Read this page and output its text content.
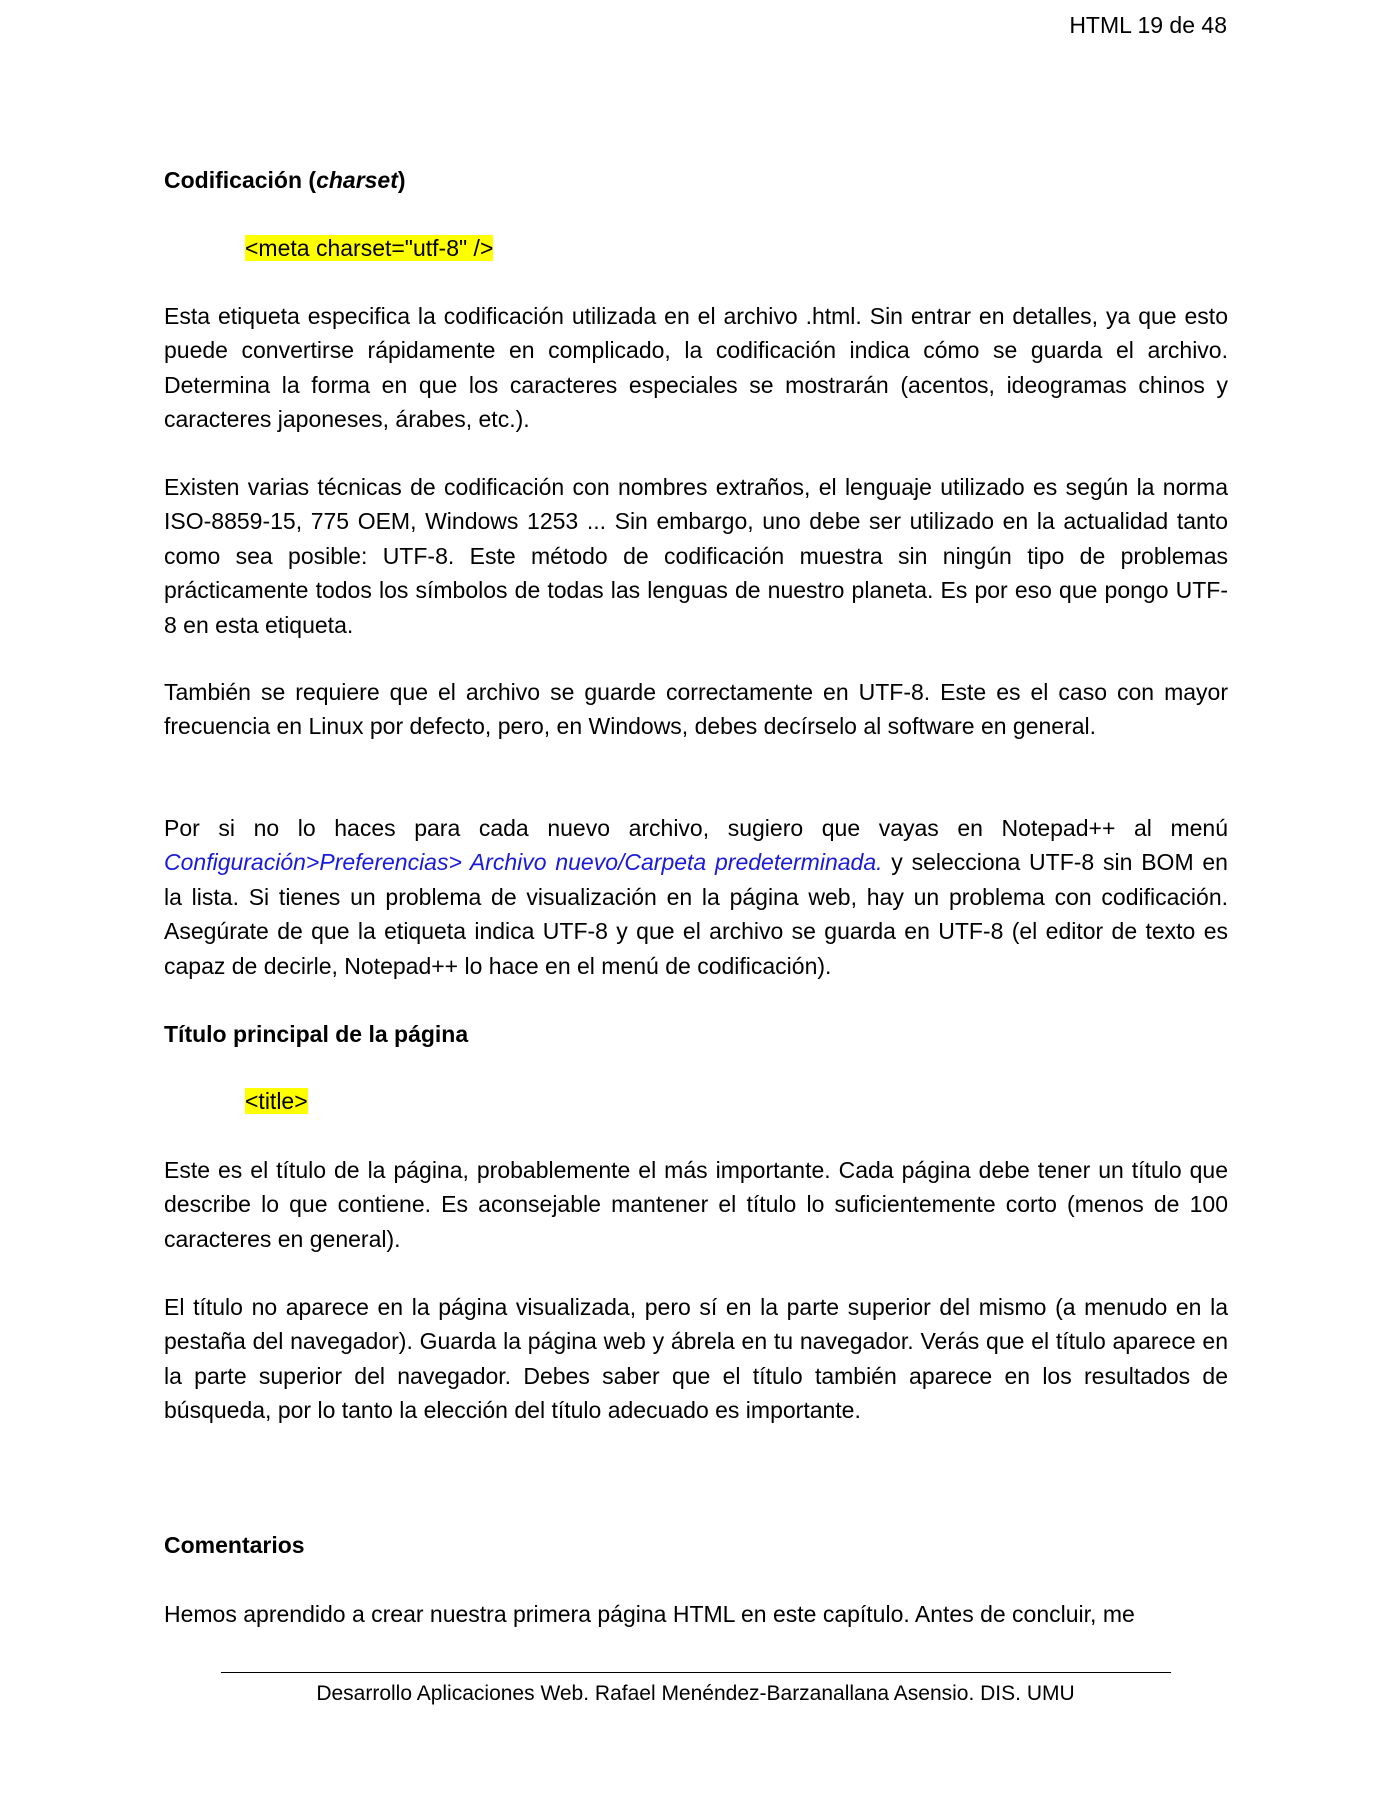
HTML 19 de 48

Codificación (charset)

<meta charset="utf-8" />

Esta etiqueta especifica la codificación utilizada en el archivo .html. Sin entrar en detalles, ya que esto puede convertirse rápidamente en complicado, la codificación indica cómo se guarda el archivo. Determina la forma en que los caracteres especiales se mostrarán (acentos, ideogramas chinos y caracteres japoneses, árabes, etc.).

Existen varias técnicas de codificación con nombres extraños, el lenguaje utilizado es según la norma ISO-8859-15, 775 OEM, Windows 1253 ... Sin embargo, uno debe ser utilizado en la actualidad tanto como sea posible: UTF-8. Este método de codificación muestra sin ningún tipo de problemas prácticamente todos los símbolos de todas las lenguas de nuestro planeta. Es por eso que pongo UTF-8 en esta etiqueta.

También se requiere que el archivo se guarde correctamente en UTF-8. Este es el caso con mayor frecuencia en Linux por defecto, pero, en Windows, debes decírselo al software en general.

Por si no lo haces para cada nuevo archivo, sugiero que vayas en Notepad++ al menú Configuración>Preferencias> Archivo nuevo/Carpeta predeterminada. y selecciona UTF-8 sin BOM en la lista. Si tienes un problema de visualización en la página web, hay un problema con codificación. Asegúrate de que la etiqueta indica UTF-8 y que el archivo se guarda en UTF-8 (el editor de texto es capaz de decirle, Notepad++ lo hace en el menú de codificación).

Título principal de la página

<title>

Este es el título de la página, probablemente el más importante. Cada página debe tener un título que describe lo que contiene. Es aconsejable mantener el título lo suficientemente corto (menos de 100 caracteres en general).

El título no aparece en la página visualizada, pero sí en la parte superior del mismo (a menudo en la pestaña del navegador). Guarda la página web y ábrela en tu navegador. Verás que el título aparece en la parte superior del navegador. Debes saber que el título también aparece en los resultados de búsqueda, por lo tanto la elección del título adecuado es importante.

Comentarios

Hemos aprendido a crear nuestra primera página HTML en este capítulo. Antes de concluir, me

Desarrollo Aplicaciones Web. Rafael Menéndez-Barzanallana Asensio. DIS. UMU
